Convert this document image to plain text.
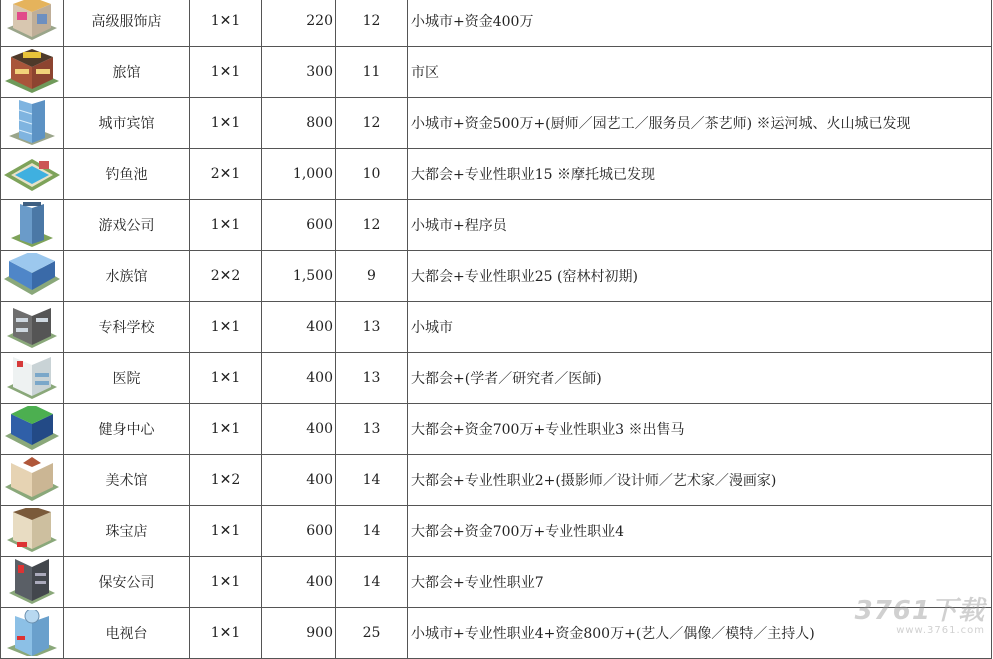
	高级服饰店	1✕1	220	12	小城市+资金400万

	旅馆	1✕1	300	11	市区

	城市宾馆	1✕1	800	12	小城市+资金500万+(厨师／园艺工／服务员／茶艺师) ※运河城、火山城已发现

	钓鱼池	2✕1	1,000	10	大都会+专业性职业15 ※摩托城已发现

	游戏公司	1✕1	600	12	小城市+程序员

	水族馆	2✕2	1,500	9	大都会+专业性职业25 (窑林村初期)

	专科学校	1✕1	400	13	小城市

	医院	1✕1	400	13	大都会+(学者／研究者／医師)

	健身中心	1✕1	400	13	大都会+资金700万+专业性职业3 ※出售马

	美术馆	1✕2	400	14	大都会+专业性职业2+(摄影师／设计师／艺术家／漫画家)

	珠宝店	1✕1	600	14	大都会+资金700万+专业性职业4

	保安公司	1✕1	400	14	大都会+专业性职业7

	电视台	1✕1	900	25	小城市+专业性职业4+资金800万+(艺人／偶像／模特／主持人)
3761下载
www.3761.com
